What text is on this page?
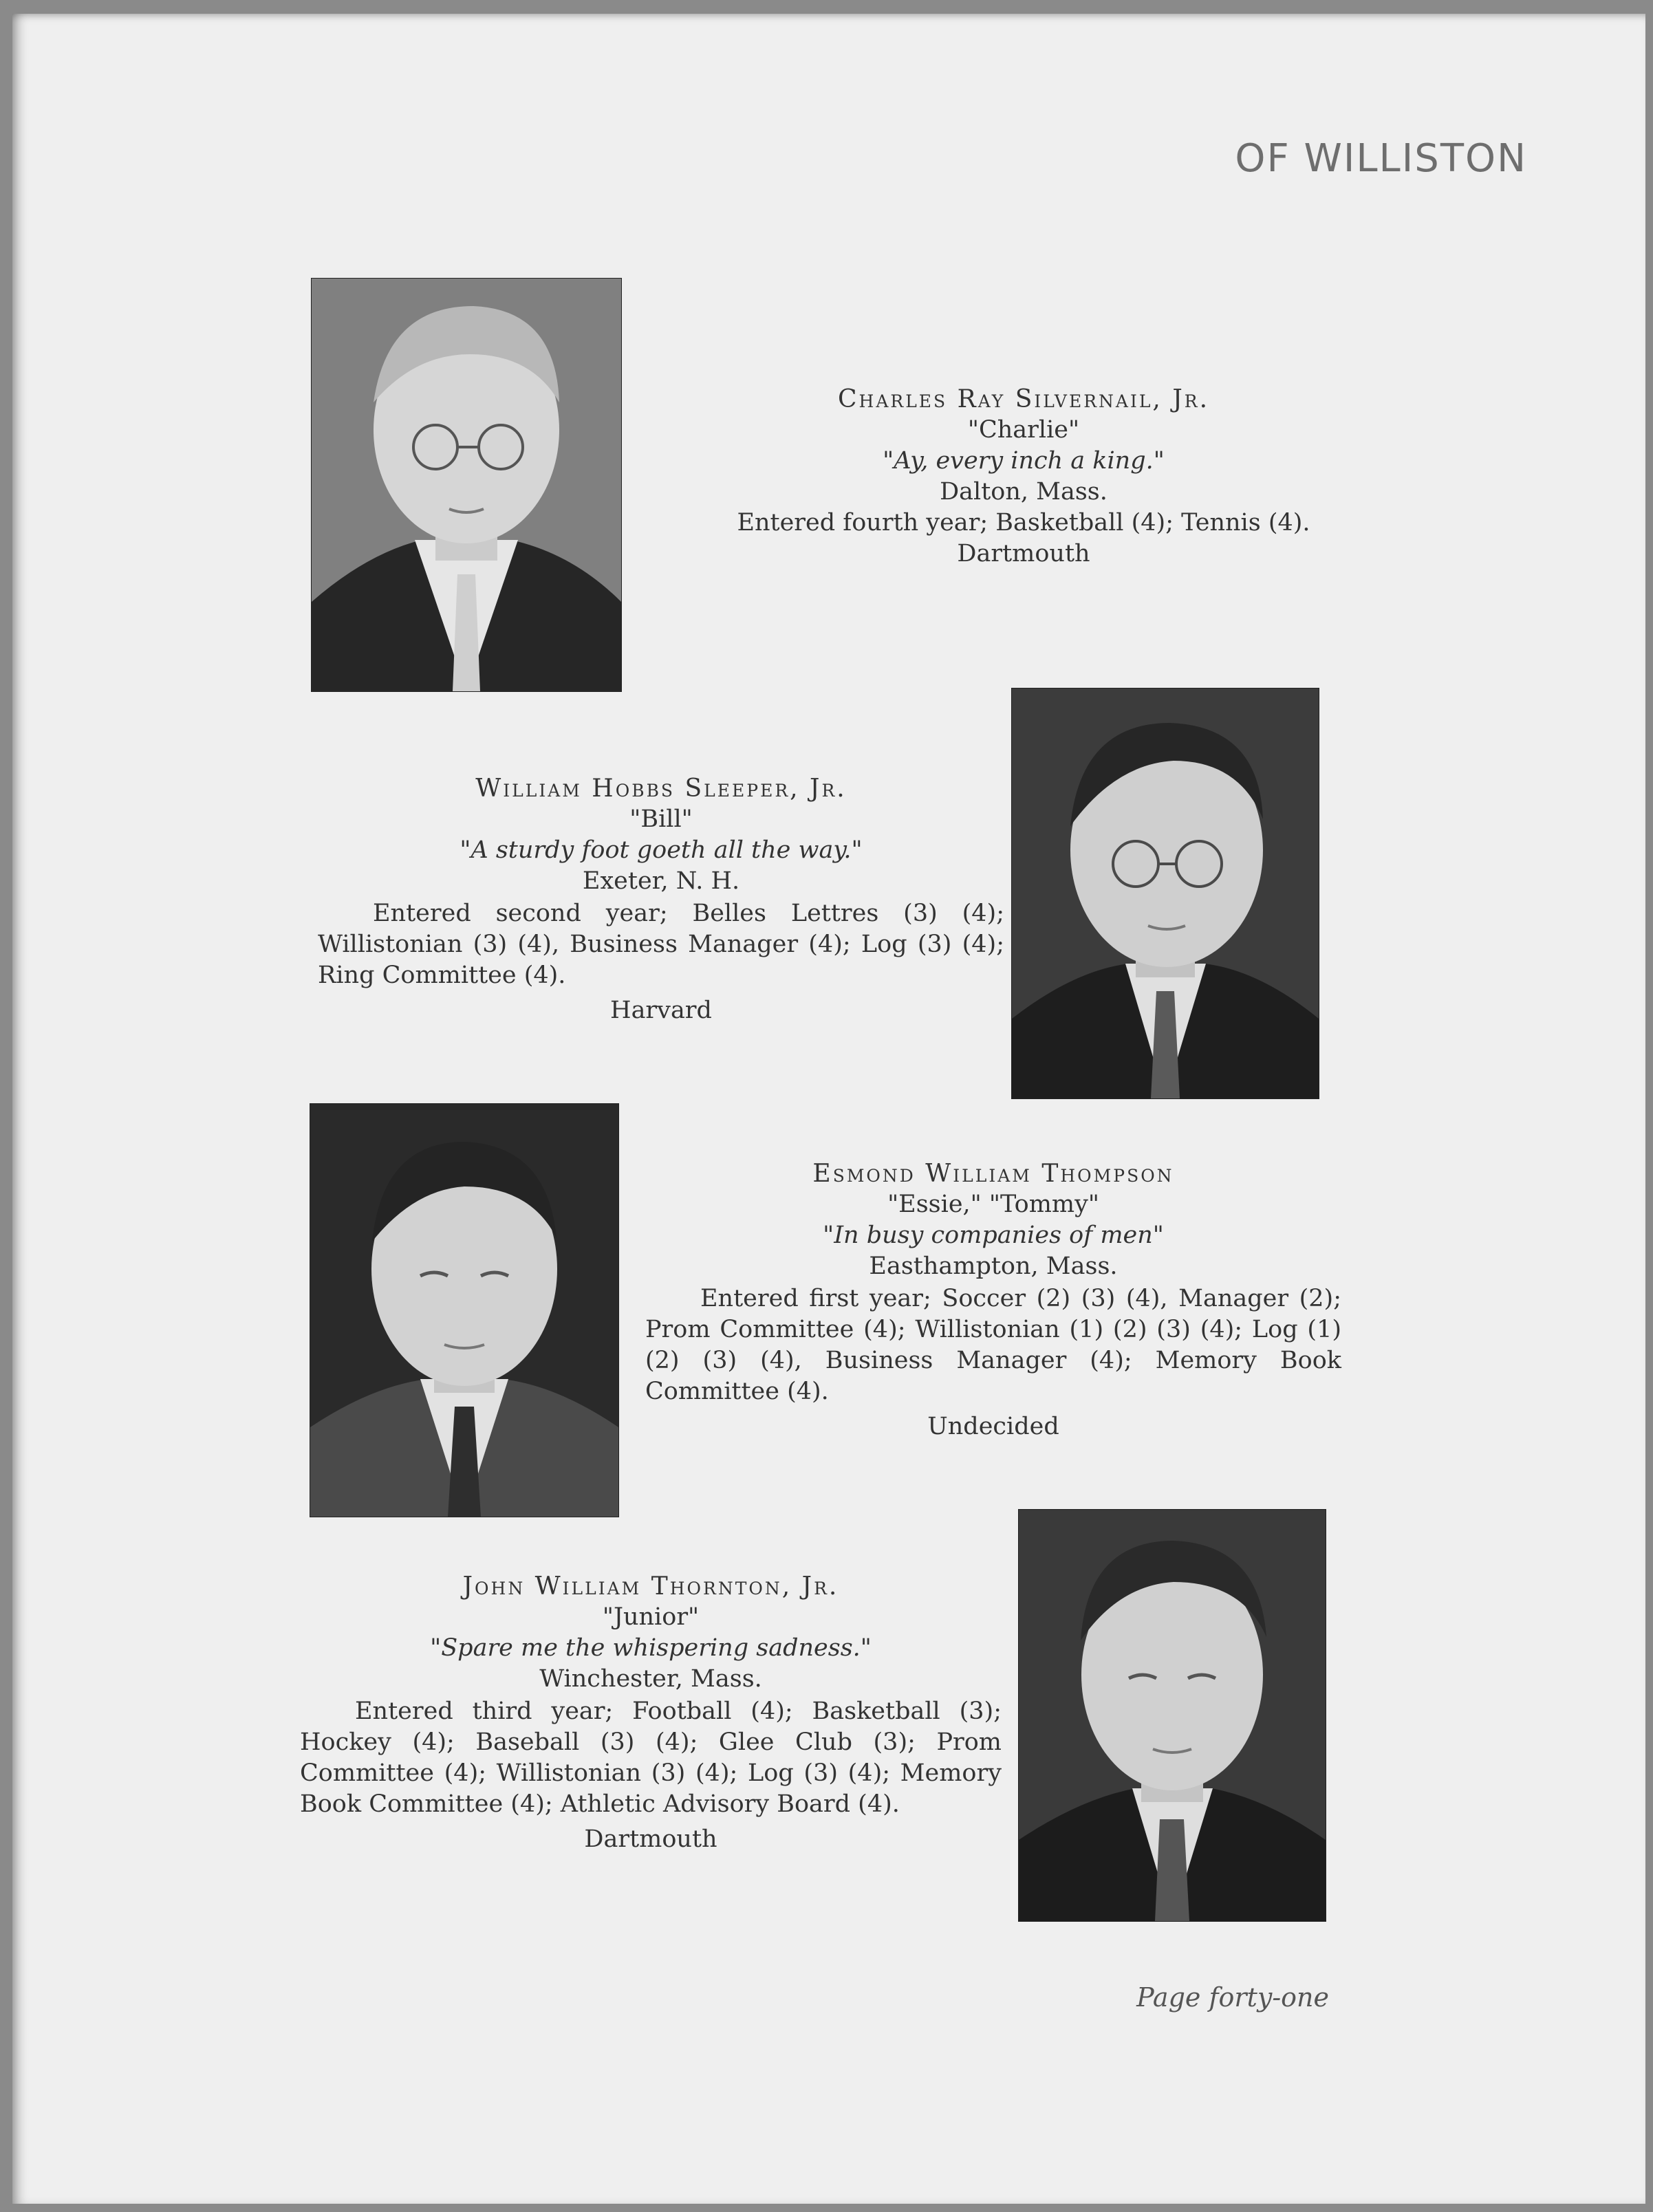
OF WILLISTON
Charles Ray Silvernail, Jr.
"Charlie"
"Ay, every inch a king."
Dalton, Mass.
Entered fourth year; Basketball (4); Tennis (4).
Dartmouth
William Hobbs Sleeper, Jr.
"Bill"
"A sturdy foot goeth all the way."
Exeter, N. H.
Entered second year; Belles Lettres (3) (4); Willistonian (3) (4), Business Manager (4); Log (3) (4); Ring Committee (4).
Harvard
Esmond William Thompson
"Essie," "Tommy"
"In busy companies of men"
Easthampton, Mass.
Entered first year; Soccer (2) (3) (4), Manager (2); Prom Committee (4); Willistonian (1) (2) (3) (4); Log (1) (2) (3) (4), Business Manager (4); Memory Book Committee (4).
Undecided
John William Thornton, Jr.
"Junior"
"Spare me the whispering sadness."
Winchester, Mass.
Entered third year; Football (4); Basketball (3); Hockey (4); Baseball (3) (4); Glee Club (3); Prom Committee (4); Willistonian (3) (4); Log (3) (4); Memory Book Committee (4); Athletic Advisory Board (4).
Dartmouth
Page forty-one
